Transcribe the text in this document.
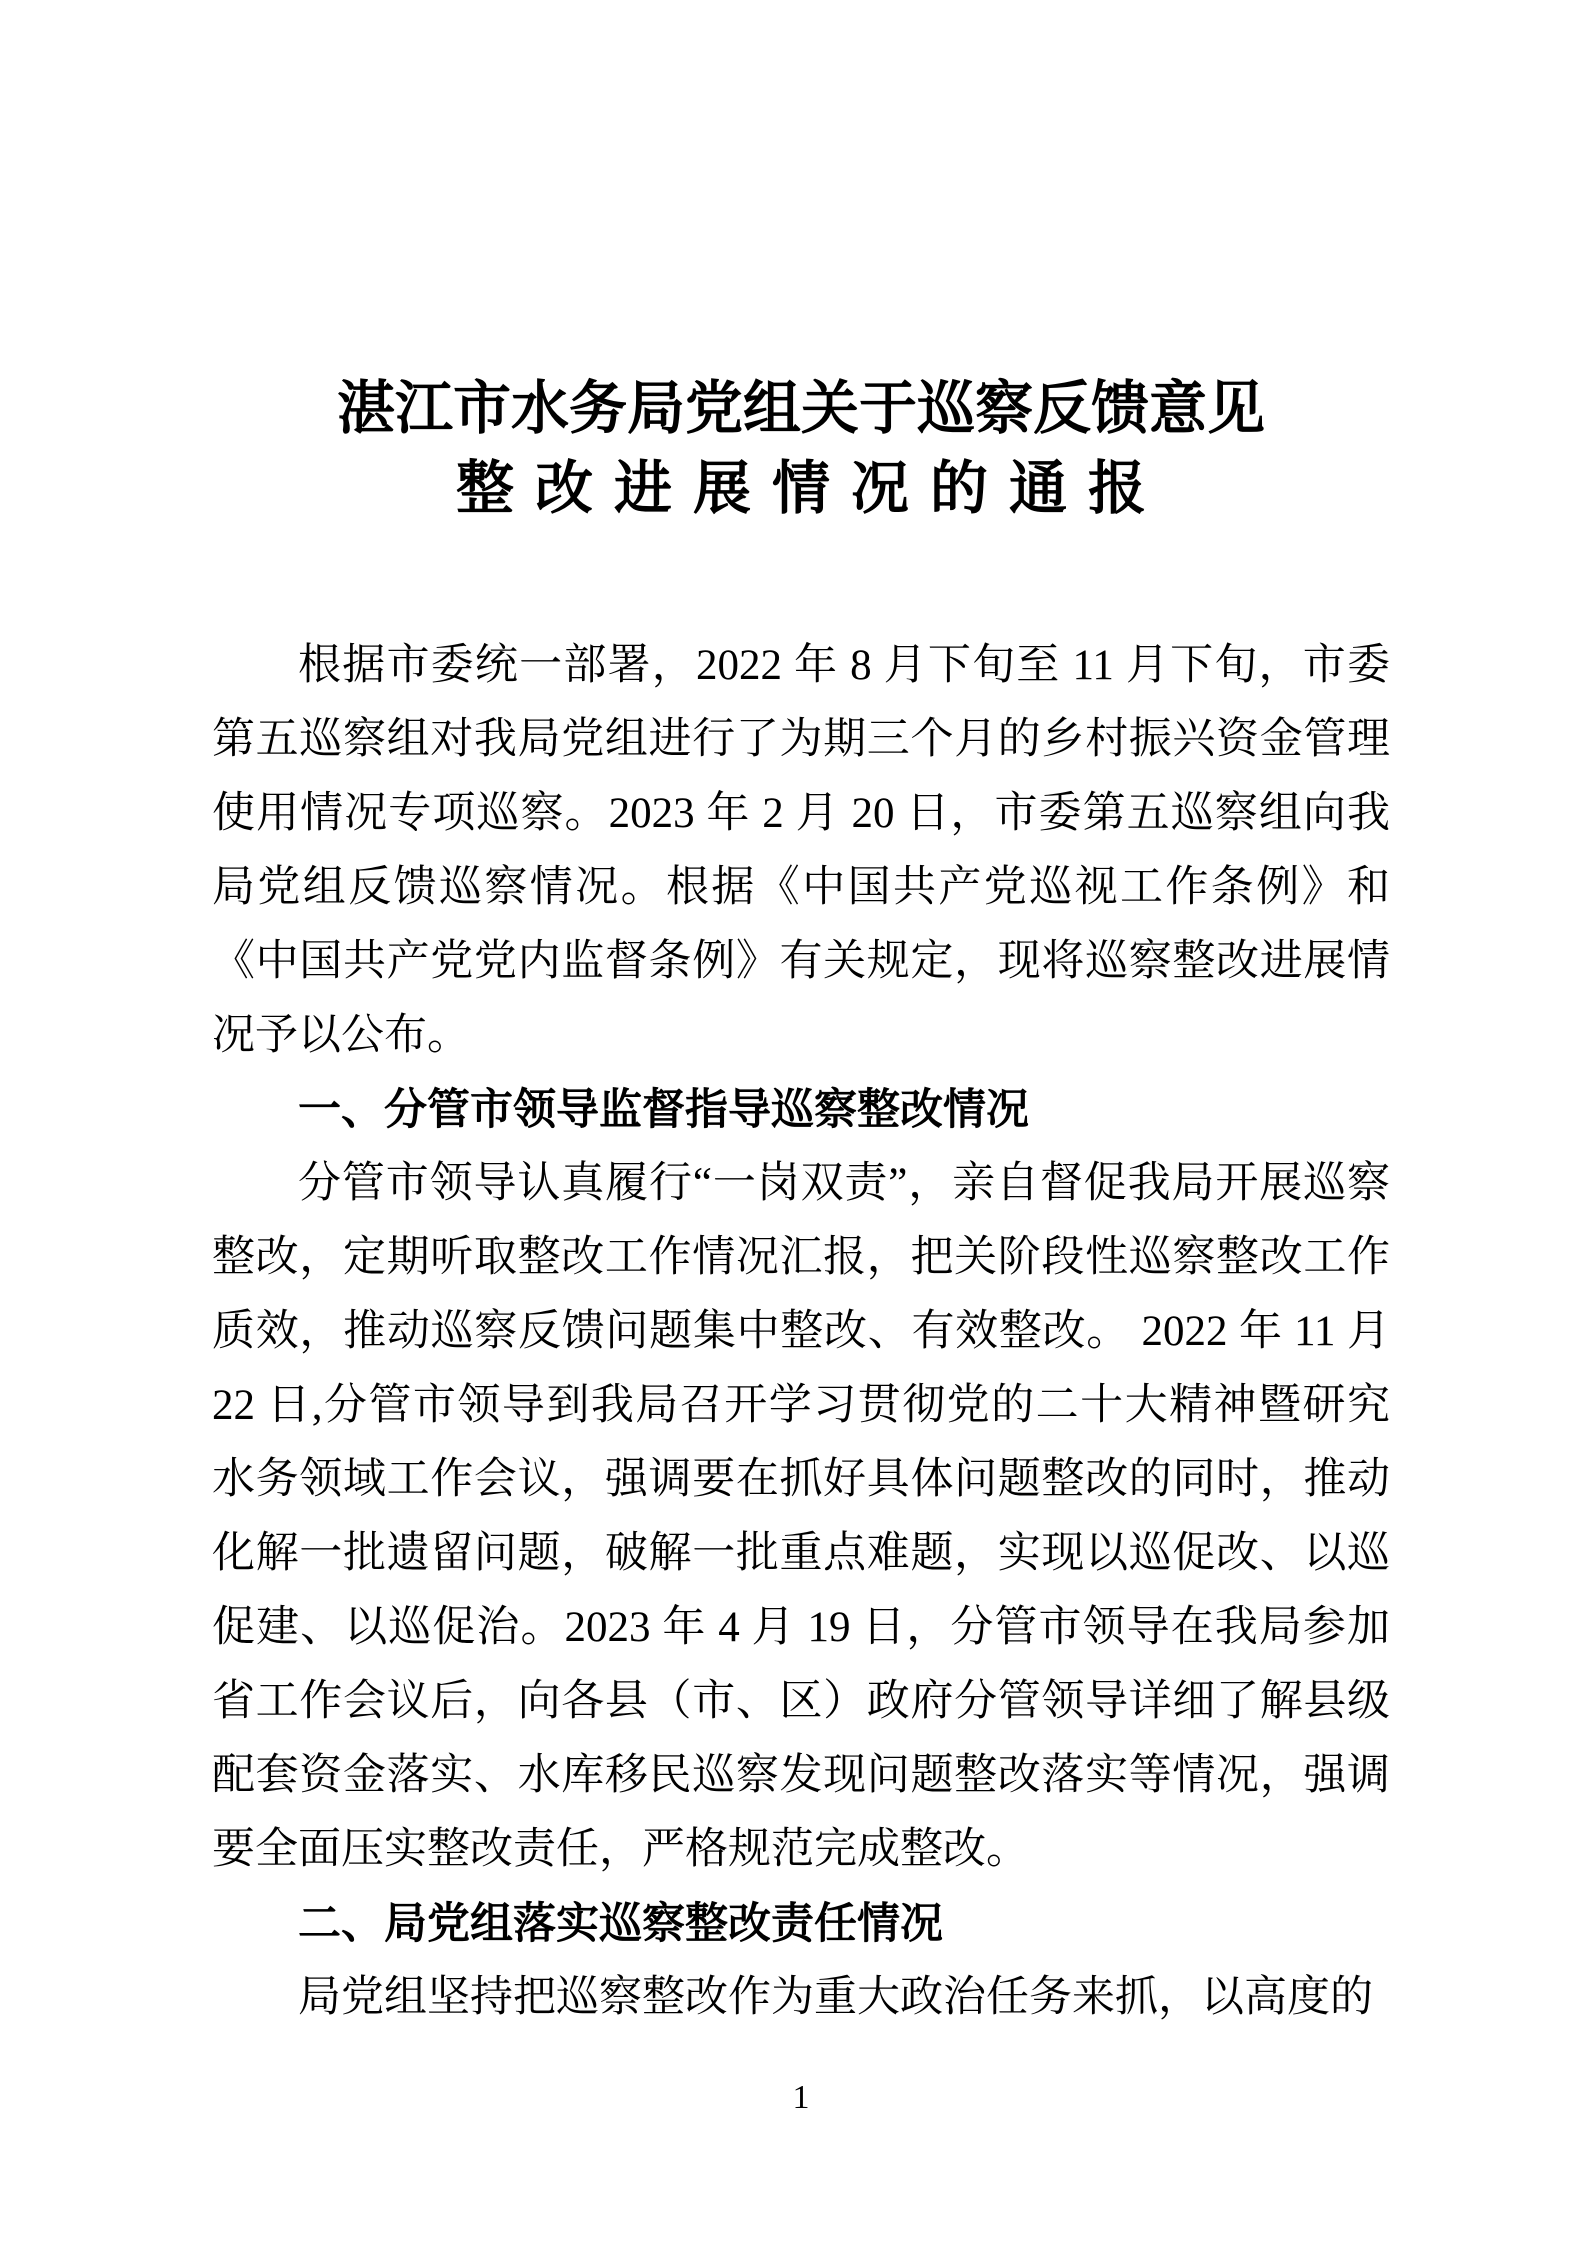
湛江市水务局党组关于巡察反馈意见
整改进展情况的通报
根据市委统一部署，2022 年 8 月下旬至 11 月下旬，市委第五巡察组对我局党组进行了为期三个月的乡村振兴资金管理使用情况专项巡察。2023 年 2 月 20 日，市委第五巡察组向我局党组反馈巡察情况。根据《中国共产党巡视工作条例》和《中国共产党党内监督条例》有关规定，现将巡察整改进展情况予以公布。
一、分管市领导监督指导巡察整改情况
分管市领导认真履行“一岗双责”，亲自督促我局开展巡察整改，定期听取整改工作情况汇报，把关阶段性巡察整改工作质效，推动巡察反馈问题集中整改、有效整改。 2022 年 11 月 22 日,分管市领导到我局召开学习贯彻党的二十大精神暨研究水务领域工作会议，强调要在抓好具体问题整改的同时，推动化解一批遗留问题，破解一批重点难题，实现以巡促改、以巡促建、以巡促治。2023 年 4 月 19 日，分管市领导在我局参加省工作会议后，向各县（市、区）政府分管领导详细了解县级配套资金落实、水库移民巡察发现问题整改落实等情况，强调要全面压实整改责任，严格规范完成整改。
二、局党组落实巡察整改责任情况
局党组坚持把巡察整改作为重大政治任务来抓，以高度的
1
